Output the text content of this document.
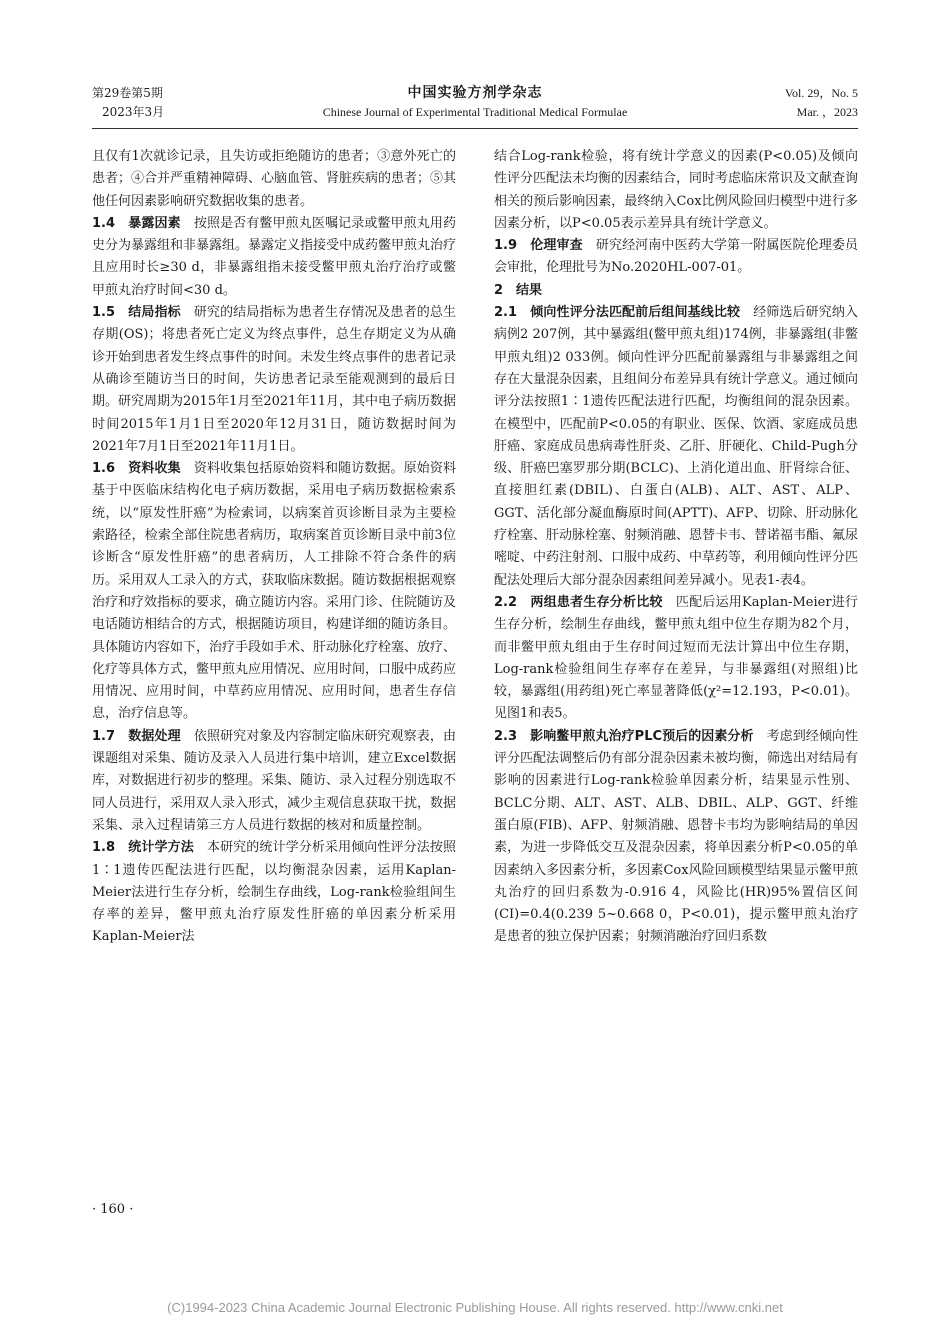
第29卷第5期
2023年3月
中国实验方剂学杂志
Chinese Journal of Experimental Traditional Medical Formulae
Vol. 29，No. 5
Mar. ，2023

且仅有1次就诊记录，且失访或拒绝随访的患者；③意外死亡的患者；④合并严重精神障碍、心脑血管、肾脏疾病的患者；⑤其他任何因素影响研究数据收集的患者。

1.4　暴露因素　按照是否有鳖甲煎丸医嘱记录或鳖甲煎丸用药史分为暴露组和非暴露组。暴露定义指接受中成药鳖甲煎丸治疗且应用时长≥30 d，非暴露组指未接受鳖甲煎丸治疗治疗或鳖甲煎丸治疗时间<30 d。

1.5　结局指标　研究的结局指标为患者生存情况及患者的总生存期(OS)；将患者死亡定义为终点事件，总生存期定义为从确诊开始到患者发生终点事件的时间。未发生终点事件的患者记录从确诊至随访当日的时间，失访患者记录至能观测到的最后日期。研究周期为2015年1月至2021年11月，其中电子病历数据时间2015年1月1日至2020年12月31日，随访数据时间为2021年7月1日至2021年11月1日。

1.6　资料收集　资料收集包括原始资料和随访数据。原始资料基于中医临床结构化电子病历数据，采用电子病历数据检索系统，以“原发性肝癌”为检索词，以病案首页诊断目录为主要检索路径，检索全部住院患者病历，取病案首页诊断目录中前3位诊断含“原发性肝癌”的患者病历，人工排除不符合条件的病历。采用双人工录入的方式，获取临床数据。随访数据根据观察治疗和疗效指标的要求，确立随访内容。采用门诊、住院随访及电话随访相结合的方式，根据随访项目，构建详细的随访条目。具体随访内容如下，治疗手段如手术、肝动脉化疗栓塞、放疗、化疗等具体方式，鳖甲煎丸应用情况、应用时间，口服中成药应用情况、应用时间，中草药应用情况、应用时间，患者生存信息，治疗信息等。

1.7　数据处理　依照研究对象及内容制定临床研究观察表，由课题组对采集、随访及录入人员进行集中培训，建立Excel数据库，对数据进行初步的整理。采集、随访、录入过程分别选取不同人员进行，采用双人录入形式，减少主观信息获取干扰，数据采集、录入过程请第三方人员进行数据的核对和质量控制。

1.8　统计学方法　本研究的统计学分析采用倾向性评分法按照1∶1遗传匹配法进行匹配，以均衡混杂因素，运用Kaplan-Meier法进行生存分析，绘制生存曲线，Log-rank检验组间生存率的差异，鳖甲煎丸治疗原发性肝癌的单因素分析采用Kaplan-Meier法

结合Log-rank检验，将有统计学意义的因素(P<0.05)及倾向性评分匹配法未均衡的因素结合，同时考虑临床常识及文献查询相关的预后影响因素，最终纳入Cox比例风险回归模型中进行多因素分析，以P<0.05表示差异具有统计学意义。

1.9　伦理审查　研究经河南中医药大学第一附属医院伦理委员会审批，伦理批号为No.2020HL-007-01。

2　结果

2.1　倾向性评分法匹配前后组间基线比较　经筛选后研究纳入病例2 207例，其中暴露组(鳖甲煎丸组)174例，非暴露组(非鳖甲煎丸组)2 033例。倾向性评分匹配前暴露组与非暴露组之间存在大量混杂因素，且组间分布差异具有统计学意义。通过倾向评分法按照1∶1遗传匹配法进行匹配，均衡组间的混杂因素。在模型中，匹配前P<0.05的有职业、医保、饮酒、家庭成员患肝癌、家庭成员患病毒性肝炎、乙肝、肝硬化、Child-Pugh分级、肝癌巴塞罗那分期(BCLC)、上消化道出血、肝肾综合征、直接胆红素(DBIL)、白蛋白(ALB)、ALT、AST、ALP、GGT、活化部分凝血酶原时间(APTT)、AFP、切除、肝动脉化疗栓塞、肝动脉栓塞、射频消融、恩替卡韦、替诺福韦酯、氟尿嘧啶、中药注射剂、口服中成药、中草药等，利用倾向性评分匹配法处理后大部分混杂因素组间差异减小。见表1-表4。

2.2　两组患者生存分析比较　匹配后运用Kaplan-Meier进行生存分析，绘制生存曲线，鳖甲煎丸组中位生存期为82个月，而非鳖甲煎丸组由于生存时间过短而无法计算出中位生存期，Log-rank检验组间生存率存在差异，与非暴露组(对照组)比较，暴露组(用药组)死亡率显著降低(χ²=12.193，P<0.01)。见图1和表5。

2.3　影响鳖甲煎丸治疗PLC预后的因素分析　考虑到经倾向性评分匹配法调整后仍有部分混杂因素未被均衡，筛选出对结局有影响的因素进行Log-rank检验单因素分析，结果显示性别、BCLC分期、ALT、AST、ALB、DBIL、ALP、GGT、纤维蛋白原(FIB)、AFP、射频消融、恩替卡韦均为影响结局的单因素，为进一步降低交互及混杂因素，将单因素分析P<0.05的单因素纳入多因素分析，多因素Cox风险回顾模型结果显示鳖甲煎丸治疗的回归系数为-0.916 4，风险比(HR)95%置信区间(CI)=0.4(0.239 5~0.668 0，P<0.01)，提示鳖甲煎丸治疗是患者的独立保护因素；射频消融治疗回归系数

· 160 ·
(C)1994-2023 China Academic Journal Electronic Publishing House. All rights reserved. http://www.cnki.net
